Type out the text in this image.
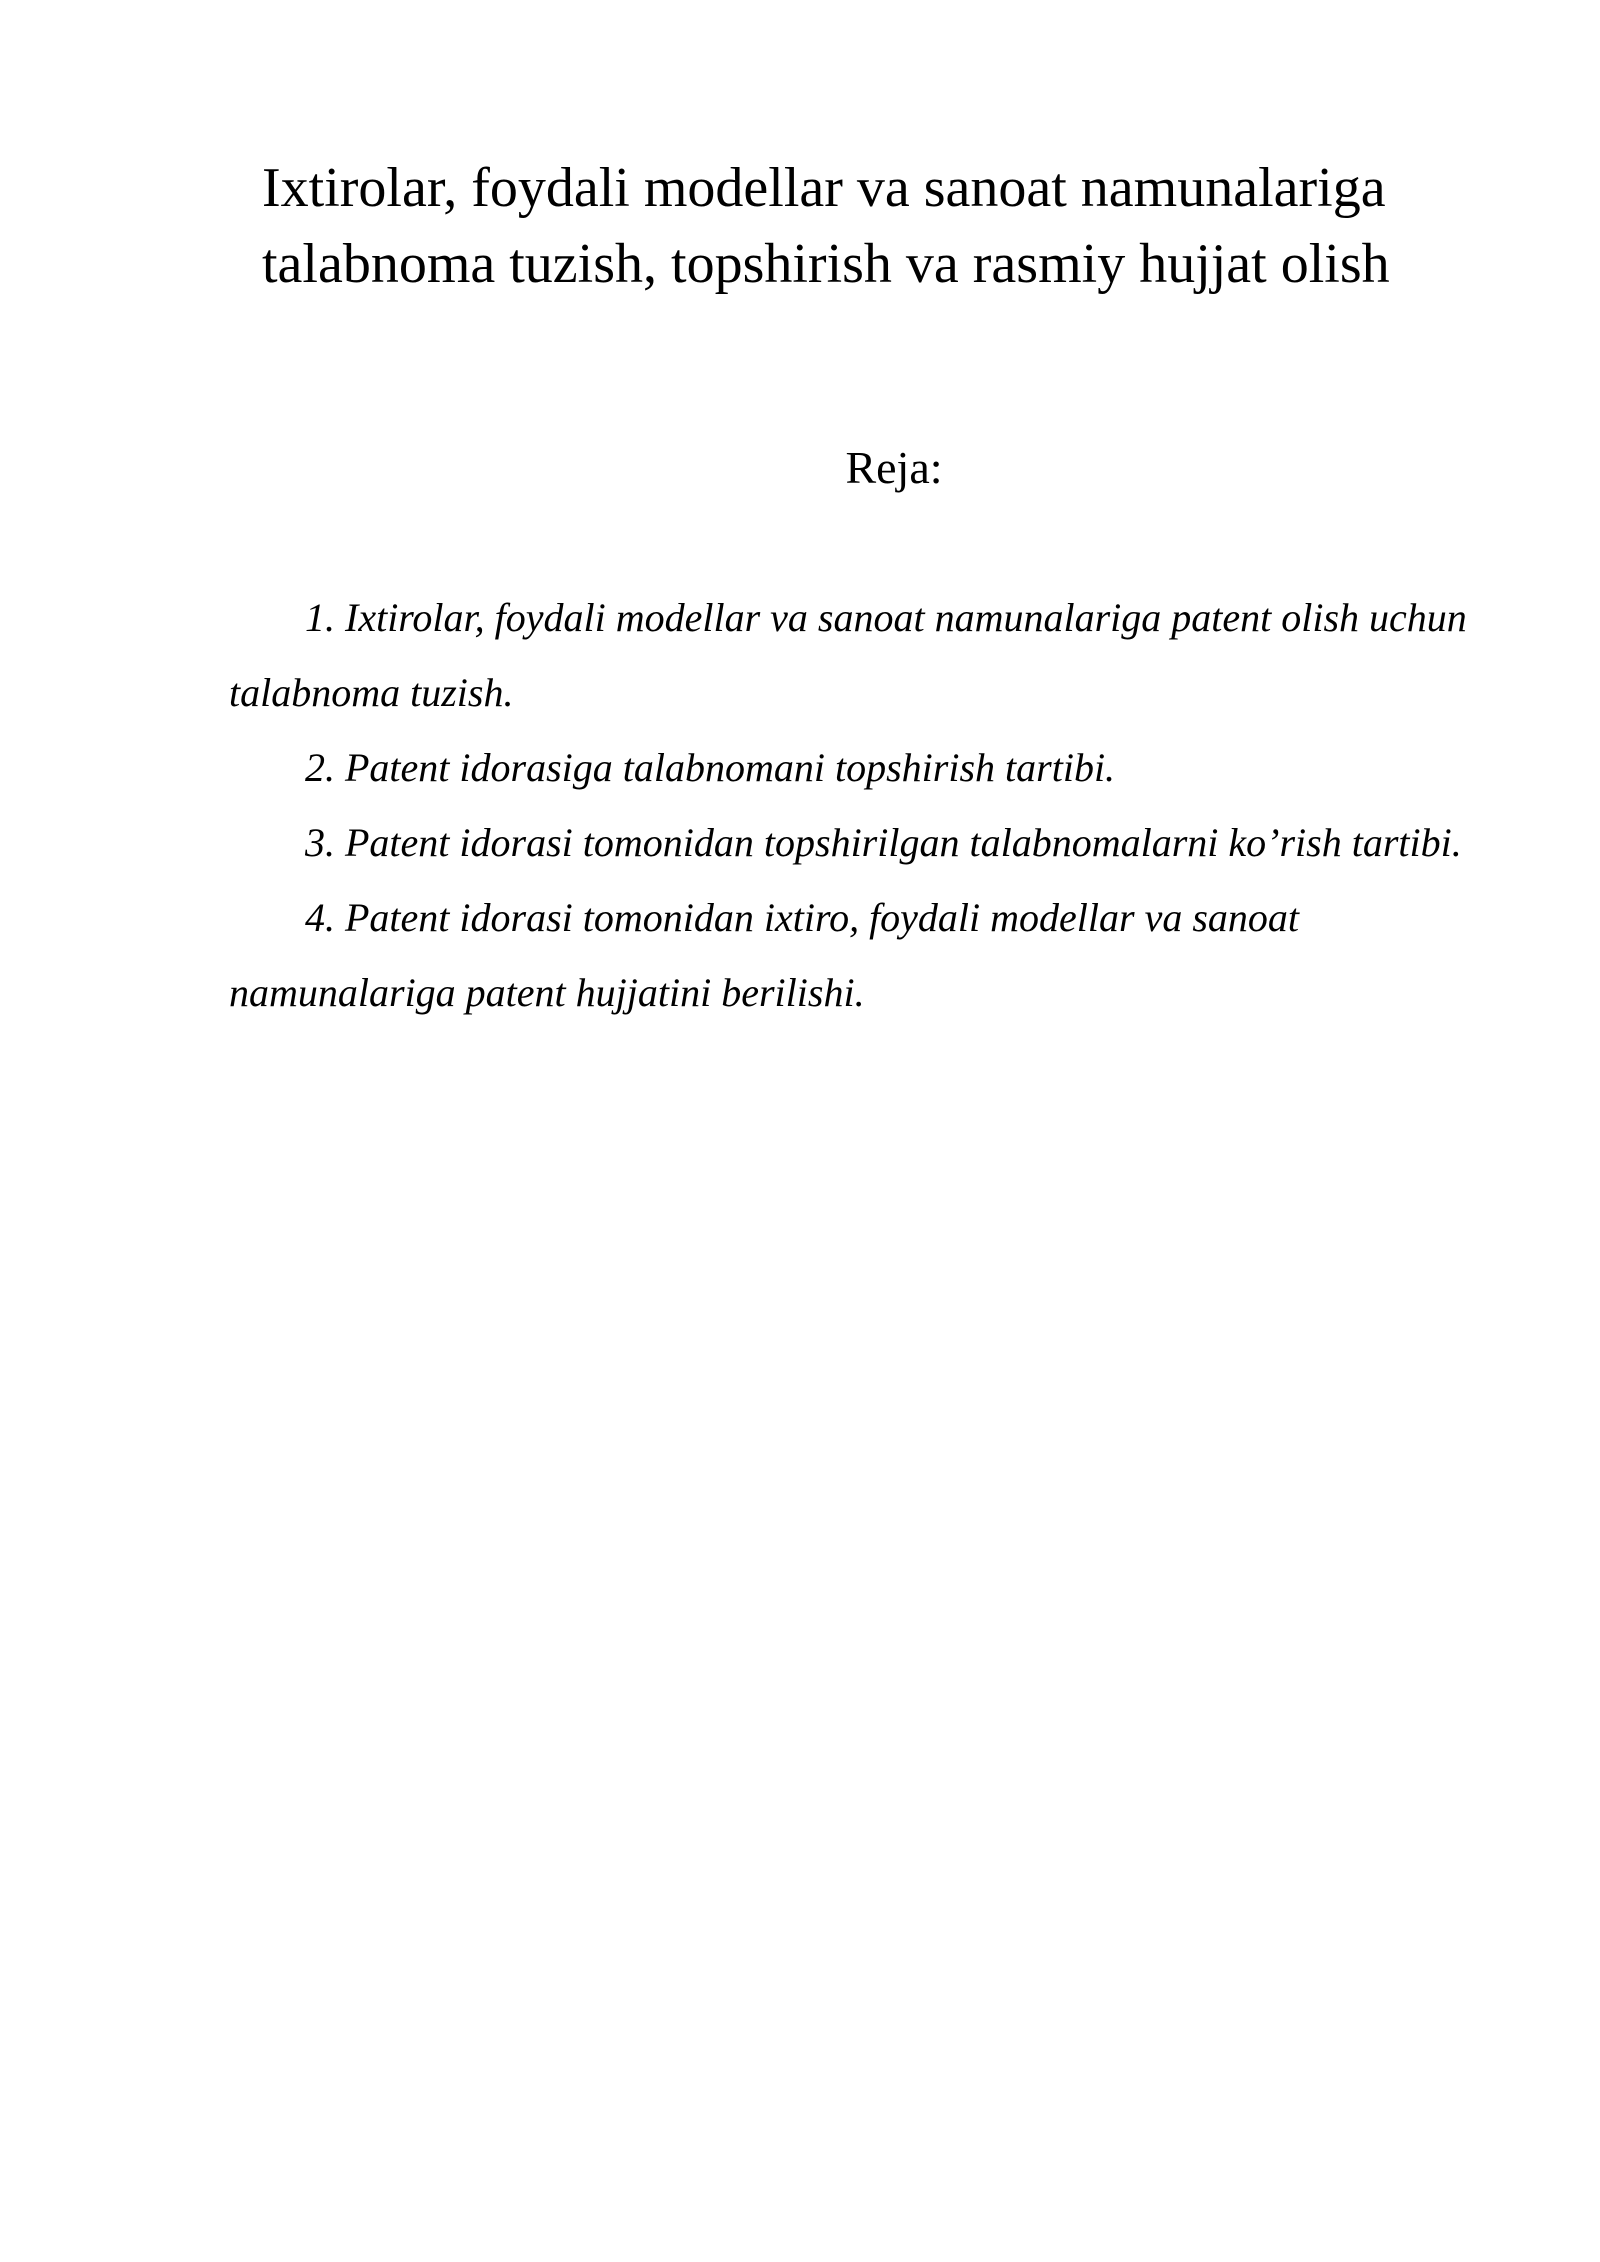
Ixtirolar, foydali modellar va sanoat namunalariga
talabnoma tuzish, topshirish va rasmiy hujjat olish
Reja:
1. Ixtirolar, foydali modellar va sanoat namunalariga patent olish uchun talabnoma tuzish.
2. Patent idorasiga talabnomani topshirish tartibi.
3. Patent idorasi tomonidan topshirilgan talabnomalarni ko’rish tartibi.
4. Patent idorasi tomonidan ixtiro, foydali modellar va sanoat namunalariga patent hujjatini berilishi.
